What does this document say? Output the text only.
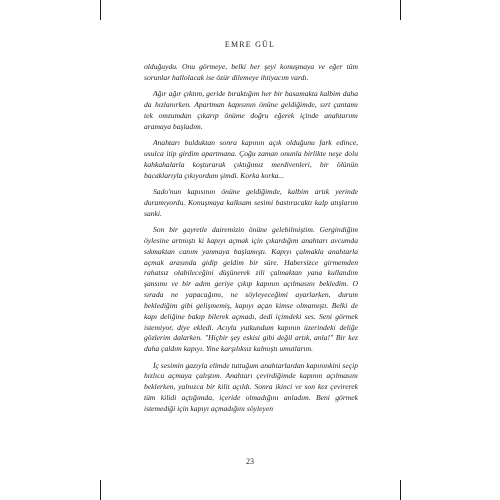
EMRE GÜL

olduğuydu. Onu görmeye, belki her şeyi konuşmaya ve eğer tüm sorunlar hallolacak ise özür dilemeye ihtiyacım vardı.

Ağır ağır çıktım, geride bıraktığım her bir basamakta kalbim daha da hızlanırken. Apartman kapısının önüne geldiğimde, sırt çantamı tek omzumdan çıkarıp önüme doğru eğerek içinde anahtarımı aramaya başladım.

Anahtarı bulduktan sonra kapının açık olduğunu fark edince, usulca itip girdim apartmana. Çoğu zaman onunla birlikte neşe dolu kahkahalarla koşturarak çıktığımız merdivenleri, bir ölünün bacaklarıyla çıkıyordum şimdi. Korka korka...

Sado'nun kapısının önüne geldiğimde, kalbim artık yerinde duramıyordu. Konuşmaya kalksam sesimi bastıracaktı kalp atışlarım sanki.

Son bir gayretle dairemizin önüne gelebilmiştim. Gergindiğim öylesine artmıştı ki kapıyı açmak için çıkardığım anahtarı avcumda sıkmaktan canım yanmaya başlamıştı. Kapıyı çalmakla anahtarla açmak arasında gidip geldim bir süre. Habersizce girmemden rahatsız olabileceğini düşünerek zili çalmaktan yana kullandım şansımı ve bir adım geriye çıkıp kapının açılmasını bekledim. O sırada ne yapacağımı, ne söyleyeceğimi ayarlarken, durum beklediğim gibi gelişmemiş, kapıyı açan kimse olmamıştı. Belki de kapı deliğine bakıp bilerek açmadı, dedi içimdeki ses. Seni görmek istemiyor, diye ekledi. Acıyla yutkundum kapının üzerindeki deliğe gözlerim dalarken. "Hiçbir şey eskisi gibi değil artık, anla!" Bir kez daha çaldım kapıyı. Yine karşılıksız kalmıştı umutlarım.

İç sesimin gazıyla elimde tuttuğum anahtarlardan kapınınkini seçip hızlıca açmaya çalıştım. Anahtarı çevirdiğimde kapının açılmasını beklerken, yalnızca bir kilit açıldı. Sonra ikinci ve son kez çevirerek tüm kilidi açtığımda, içeride olmadığını anladım. Beni görmek istemediği için kapıyı açmadığını söyleyen

23
